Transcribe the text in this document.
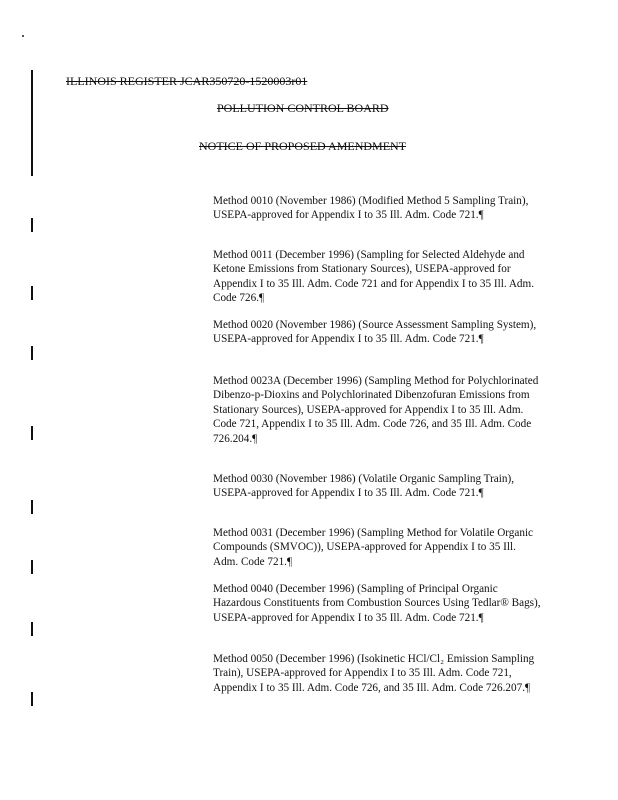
ILLINOIS REGISTER JCAR350720-1520003r01
POLLUTION CONTROL BOARD
NOTICE OF PROPOSED AMENDMENT
Method 0010 (November 1986) (Modified Method 5 Sampling Train), USEPA-approved for Appendix I to 35 Ill. Adm. Code 721.¶
Method 0011 (December 1996) (Sampling for Selected Aldehyde and Ketone Emissions from Stationary Sources), USEPA-approved for Appendix I to 35 Ill. Adm. Code 721 and for Appendix I to 35 Ill. Adm. Code 726.¶
Method 0020 (November 1986) (Source Assessment Sampling System), USEPA-approved for Appendix I to 35 Ill. Adm. Code 721.¶
Method 0023A (December 1996) (Sampling Method for Polychlorinated Dibenzo-p-Dioxins and Polychlorinated Dibenzofuran Emissions from Stationary Sources), USEPA-approved for Appendix I to 35 Ill. Adm. Code 721, Appendix I to 35 Ill. Adm. Code 726, and 35 Ill. Adm. Code 726.204.¶
Method 0030 (November 1986) (Volatile Organic Sampling Train), USEPA-approved for Appendix I to 35 Ill. Adm. Code 721.¶
Method 0031 (December 1996) (Sampling Method for Volatile Organic Compounds (SMVOC)), USEPA-approved for Appendix I to 35 Ill. Adm. Code 721.¶
Method 0040 (December 1996) (Sampling of Principal Organic Hazardous Constituents from Combustion Sources Using Tedlar® Bags), USEPA-approved for Appendix I to 35 Ill. Adm. Code 721.¶
Method 0050 (December 1996) (Isokinetic HCl/Cl₂ Emission Sampling Train), USEPA-approved for Appendix I to 35 Ill. Adm. Code 721, Appendix I to 35 Ill. Adm. Code 726, and 35 Ill. Adm. Code 726.207.¶
